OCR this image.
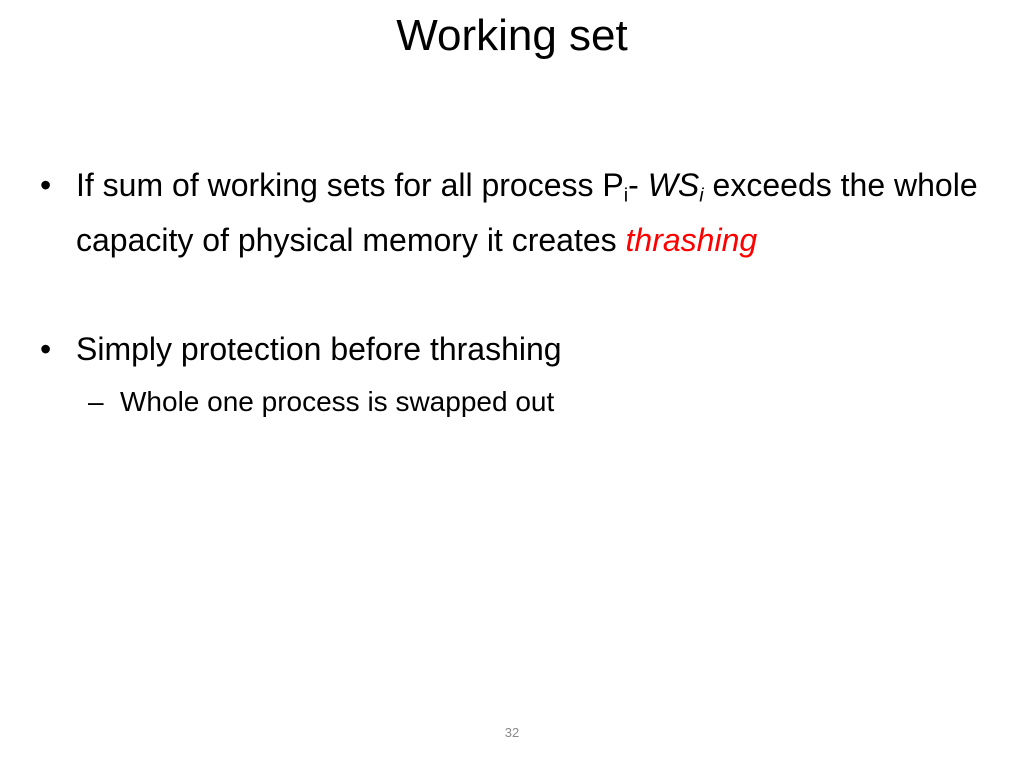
Working set
• If sum of working sets for all process Pi- WSi exceeds the whole capacity of physical memory it creates thrashing
• Simply protection before thrashing
– Whole one process is swapped out
32
